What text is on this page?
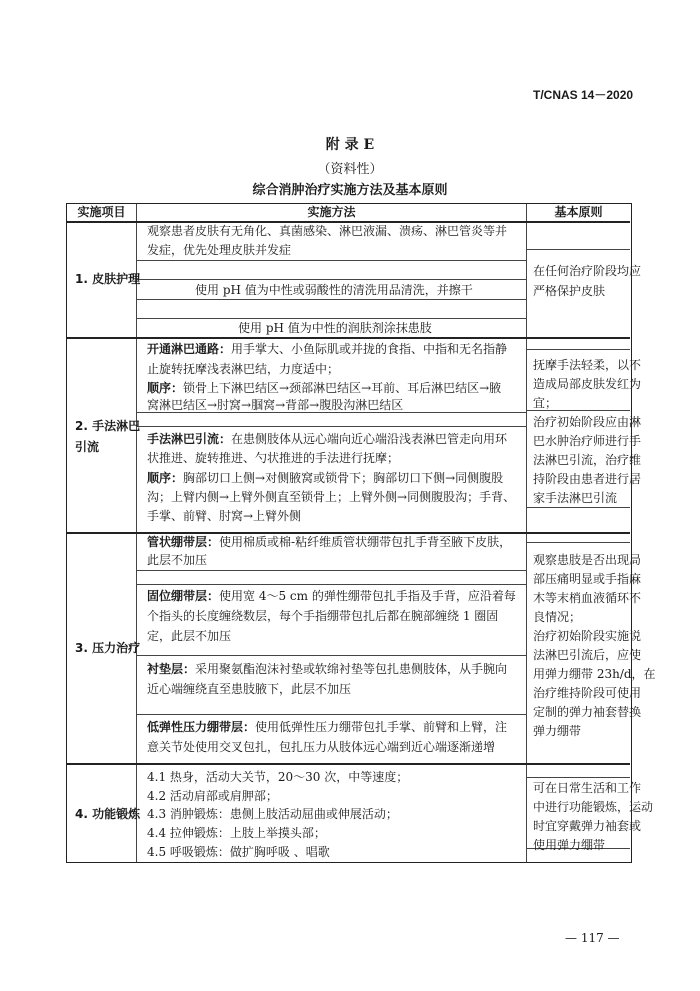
T/CNAS 14－2020
附 录 E
（资料性）
综合消肿治疗实施方法及基本原则
实施项目	实施方法	基本原则
1. 皮肤护理
观察患者皮肤有无角化、真菌感染、淋巴液漏、溃疡、淋巴管炎等并
发症，优先处理皮肤并发症
使用 pH 值为中性或弱酸性的清洗用品清洗，并擦干
使用 pH 值为中性的润肤剂涂抹患肢
在任何治疗阶段均应
严格保护皮肤
2. 手法淋巴
引流
开通淋巴通路：用手掌大、小鱼际肌或并拢的食指、中指和无名指静
止旋转抚摩浅表淋巴结，力度适中；
顺序：锁骨上下淋巴结区→颈部淋巴结区→耳前、耳后淋巴结区→腋
窝淋巴结区→肘窝→腘窝→背部→腹股沟淋巴结区
手法淋巴引流：在患侧肢体从远心端向近心端沿浅表淋巴管走向用环
状推进、旋转推进、勺状推进的手法进行抚摩；
顺序：胸部切口上侧→对侧腋窝或锁骨下；胸部切口下侧→同侧腹股
沟；上臂内侧→上臂外侧直至锁骨上；上臂外侧→同侧腹股沟；手背、
手掌、前臂、肘窝→上臂外侧
抚摩手法轻柔，以不
造成局部皮肤发红为
宜；
治疗初始阶段应由淋
巴水肿治疗师进行手
法淋巴引流，治疗维
持阶段由患者进行居
家手法淋巴引流
3. 压力治疗
管状绷带层：使用棉质或棉-粘纤维质管状绷带包扎手背至腋下皮肤，
此层不加压
固位绷带层：使用宽 4～5 cm 的弹性绷带包扎手指及手背，应沿着每
个指头的长度缠绕数层，每个手指绷带包扎后都在腕部缠绕 1 圈固
定，此层不加压
衬垫层：采用聚氨酯泡沫衬垫或软绵衬垫等包扎患侧肢体，从手腕向
近心端缠绕直至患肢腋下，此层不加压
低弹性压力绷带层：使用低弹性压力绷带包扎手掌、前臂和上臂，注
意关节处使用交叉包扎，包扎压力从肢体远心端到近心端逐渐递增
观察患肢是否出现局
部压痛明显或手指麻
木等末梢血液循环不
良情况；
治疗初始阶段实施说
法淋巴引流后，应使
用弹力绷带 23h/d，在
治疗维持阶段可使用
定制的弹力袖套替换
弹力绷带
4. 功能锻炼
4.1 热身，活动大关节，20～30 次，中等速度；
4.2 活动肩部或肩胛部；
4.3 消肿锻炼：患侧上肢活动屈曲或伸展活动；
4.4 拉伸锻炼：上肢上举摸头部；
4.5 呼吸锻炼：做扩胸呼吸 、唱歌
可在日常生活和工作
中进行功能锻炼，运动
时宜穿戴弹力袖套或
使用弹力绷带
— 117 —
